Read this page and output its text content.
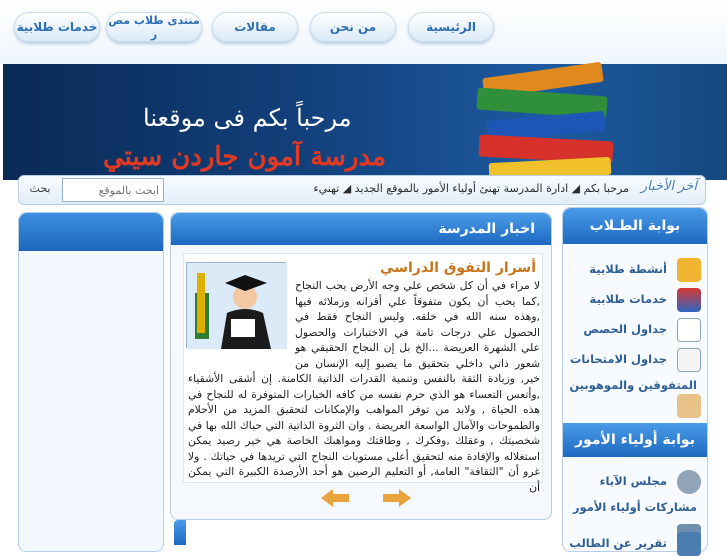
الرئيسية
من نحن
مقالات
منتدى طلاب مص ر
خدمات طلابية
مرحباً بكم فى موقعنا
مدرسة آمون جاردن سيتي
آخر الأخبار
مرحبا بكم ◢ ادارة المدرسة تهنئ أولياء الأمور بالموقع الجديد ◢ تهنيء
ابحث بالموقع
بحث
اخبار المدرسة
أسرار التفوق الدراسي
لا مراء في أن كل شخص علي وجه الأرض يحب النجاح ,كما يحب أن يكون متفوقاً علي أقرانه وزملائه فيها ,وهذه سنه الله في خلقه. وليس النجاح فقط في الحصول علي درجات تامة في الاختبارات والحصول علي الشهرة العريضة ...الخ بل إن النجاح الحقيقي هو شعور ذاتي داخلي بتحقيق ما يصبو إليه الإنسان من خير, وزيادة الثقة بالنفس وتنمية القدرات الذاتية الكامنة. إن أشقى الأشقياء ,وأتعس التعساء هو الذي حرم نفسه من كافه الخيارات المتوفرة له للنجاح في هذه الحياة , ولابد من توفر المواهب والإمكانات لتحقيق المزيد من الأحلام والطموحات والآمال الواسعة العريضة . وان الثروة الذاتية التي حباك الله بها في شخصيتك , وعقلك ,وفكرك , وطاقتك ومواهبك الخاصة هي خير رصيد يمكن استغلاله والإفادة منه لتحقيق أعلى مستويات النجاح التي تريدها في حياتك . ولا غرو أن "الثقافة" العامة, أو التعليم الرصين هو أحد الأرصدة الكبيرة التي يمكن أن
بوابة الطـلاب
أنشطة طلابية
خدمات طلابية
جداول الحصص
جداول الامتحانات
المتفوقين والموهوبين
بوابة أولياء الأمور
مجلس الآباء
مشاركات أولياء الأمور
تقرير عن الطالب
